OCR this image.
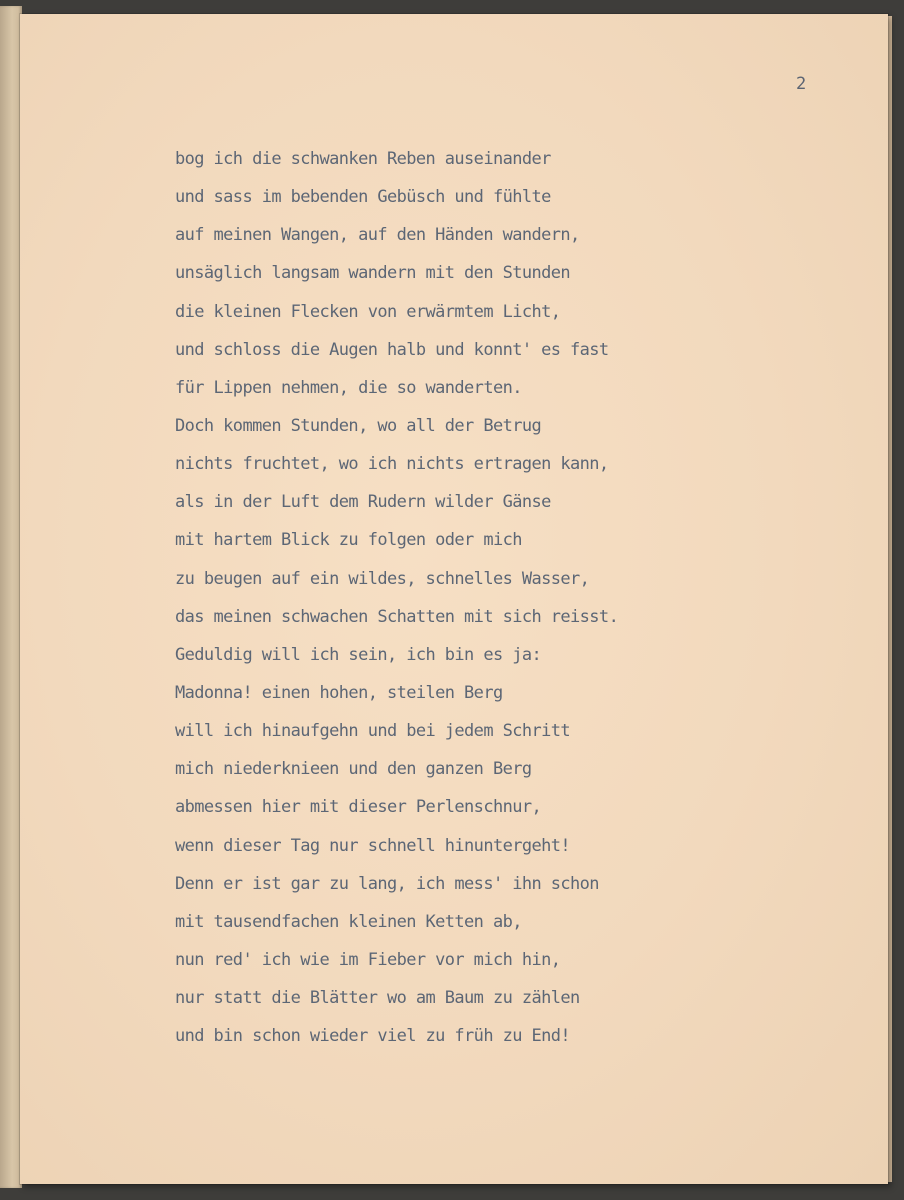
2
bog ich die schwanken Reben auseinander
und sass im bebenden Gebüsch und fühlte
auf meinen Wangen, auf den Händen wandern,
unsäglich langsam wandern mit den Stunden
die kleinen Flecken von erwärmtem Licht,
und schloss die Augen halb und konnt' es fast
für Lippen nehmen, die so wanderten.
Doch kommen Stunden, wo all der Betrug
nichts fruchtet, wo ich nichts ertragen kann,
als in der Luft dem Rudern wilder Gänse
mit hartem Blick zu folgen oder mich
zu beugen auf ein wildes, schnelles Wasser,
das meinen schwachen Schatten mit sich reisst.
Geduldig will ich sein, ich bin es ja:
Madonna! einen hohen, steilen Berg
will ich hinaufgehn und bei jedem Schritt
mich niederknieen und den ganzen Berg
abmessen hier mit dieser Perlenschnur,
wenn dieser Tag nur schnell hinuntergeht!
Denn er ist gar zu lang, ich mess' ihn schon
mit tausendfachen kleinen Ketten ab,
nun red' ich wie im Fieber vor mich hin,
nur statt die Blätter wo am Baum zu zählen
und bin schon wieder viel zu früh zu End!
